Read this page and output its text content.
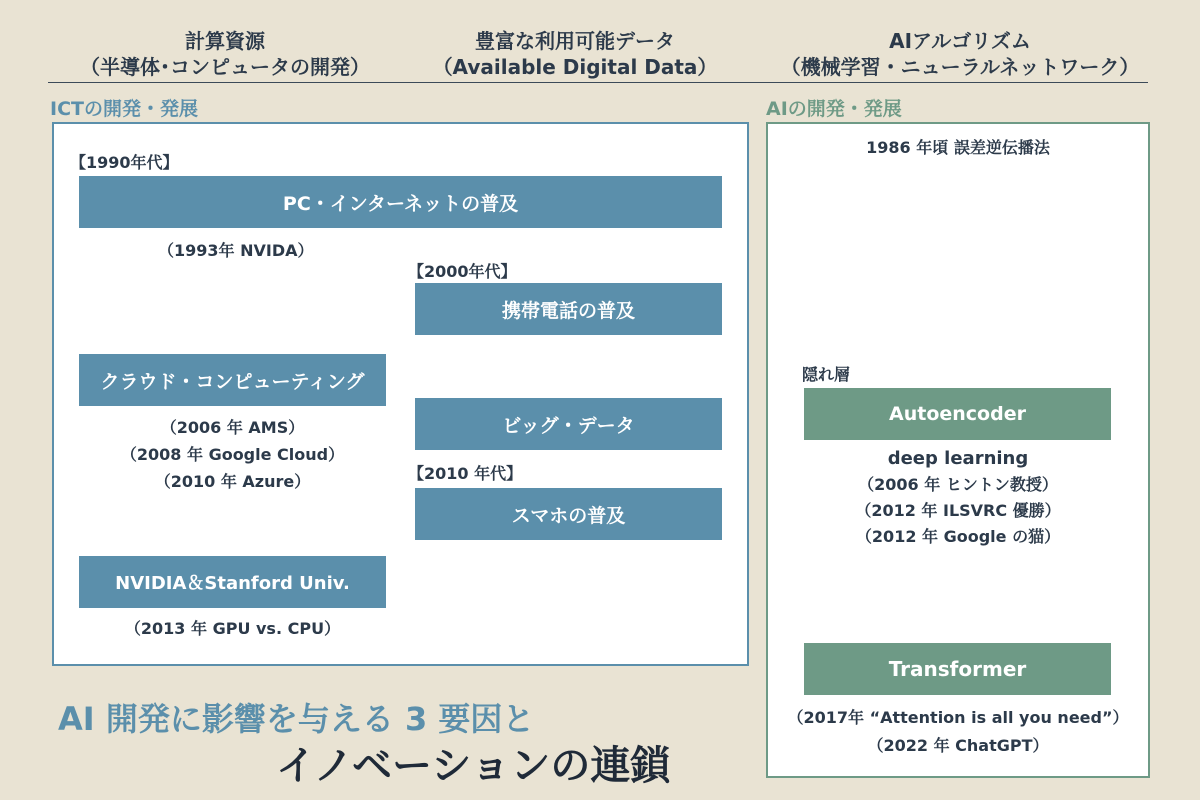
計算資源
（半導体･コンピュータの開発）
豊富な利用可能データ
（Available Digital Data）
AIアルゴリズム
（機械学習・ニューラルネットワーク）
ICTの開発・発展
【1990年代】
PC・インターネットの普及
（1993年 NVIDA）
【2000年代】
携帯電話の普及
クラウド・コンピューティング
（2006 年 AMS）
（2008 年 Google Cloud）
（2010 年 Azure）
ビッグ・データ
【2010 年代】
スマホの普及
NVIDIA＆Stanford Univ.
（2013 年 GPU vs. CPU）
AIの開発・発展
1986 年頃 誤差逆伝播法
隠れ層
Autoencoder
deep learning
（2006 年 ヒントン教授）
（2012 年 ILSVRC 優勝）
（2012 年 Google の猫）
Transformer
（2017年 “Attention is all you need”）
（2022 年 ChatGPT）
AI 開発に影響を与える 3 要因と
イノベーションの連鎖
